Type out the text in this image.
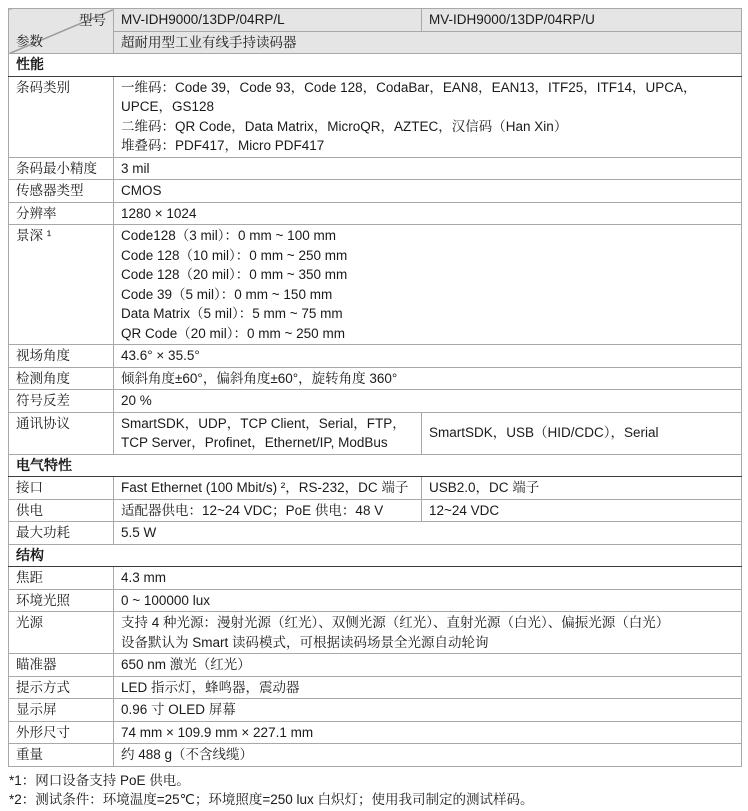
型号
参数	MV-IDH9000/13DP/04RP/L	MV-IDH9000/13DP/04RP/U
	超耐用型工业有线手持读码器	
性能		
条码类别	一维码：Code 39，Code 93，Code 128，CodaBar，EAN8，EAN13，ITF25，ITF14，UPCA，UPCE，GS128
二维码：QR Code，Data Matrix，MicroQR，AZTEC，汉信码（Han Xin）
堆叠码：PDF417，Micro PDF417	

条码最小精度	3 mil	

传感器类型	CMOS	

分辨率	1280 × 1024	

景深 ¹	Code128（3 mil）：0 mm ~ 100 mm
Code 128（10 mil）：0 mm ~ 250 mm
Code 128（20 mil）：0 mm ~ 350 mm
Code 39（5 mil）：0 mm ~ 150 mm
Data Matrix（5 mil）：5 mm ~ 75 mm
QR Code（20 mil）：0 mm ~ 250 mm

视场角度	43.6° × 35.5°	

检测角度	倾斜角度±60°，偏斜角度±60°，旋转角度 360°	

符号反差	20 %	

通讯协议	SmartSDK，UDP，TCP Client，Serial，FTP，TCP Server，Profinet，Ethernet/IP, ModBus	SmartSDK，USB（HID/CDC），Serial

电气特性		
接口	Fast Ethernet (100 Mbit/s) ²，RS-232，DC 端子	USB2.0，DC 端子

供电	适配器供电：12~24 VDC；PoE 供电：48 V	12~24 VDC

最大功耗	5.5 W	

结构		
焦距	4.3 mm	

环境光照	0 ~ 100000 lux	

光源	支持 4 种光源：漫射光源（红光）、双侧光源（红光）、直射光源（白光）、偏振光源（白光）
设备默认为 Smart 读码模式，可根据读码场景全光源自动轮询	

瞄准器	650 nm 激光（红光）	

提示方式	LED 指示灯，蜂鸣器，震动器	

显示屏	0.96 寸 OLED 屏幕	

外形尺寸	74 mm × 109.9 mm × 227.1 mm	

重量	约 488 g（不含线缆）	
*1：网口设备支持 PoE 供电。
*2：测试条件：环境温度=25℃；环境照度=250 lux 白炽灯；使用我司制定的测试样码。
